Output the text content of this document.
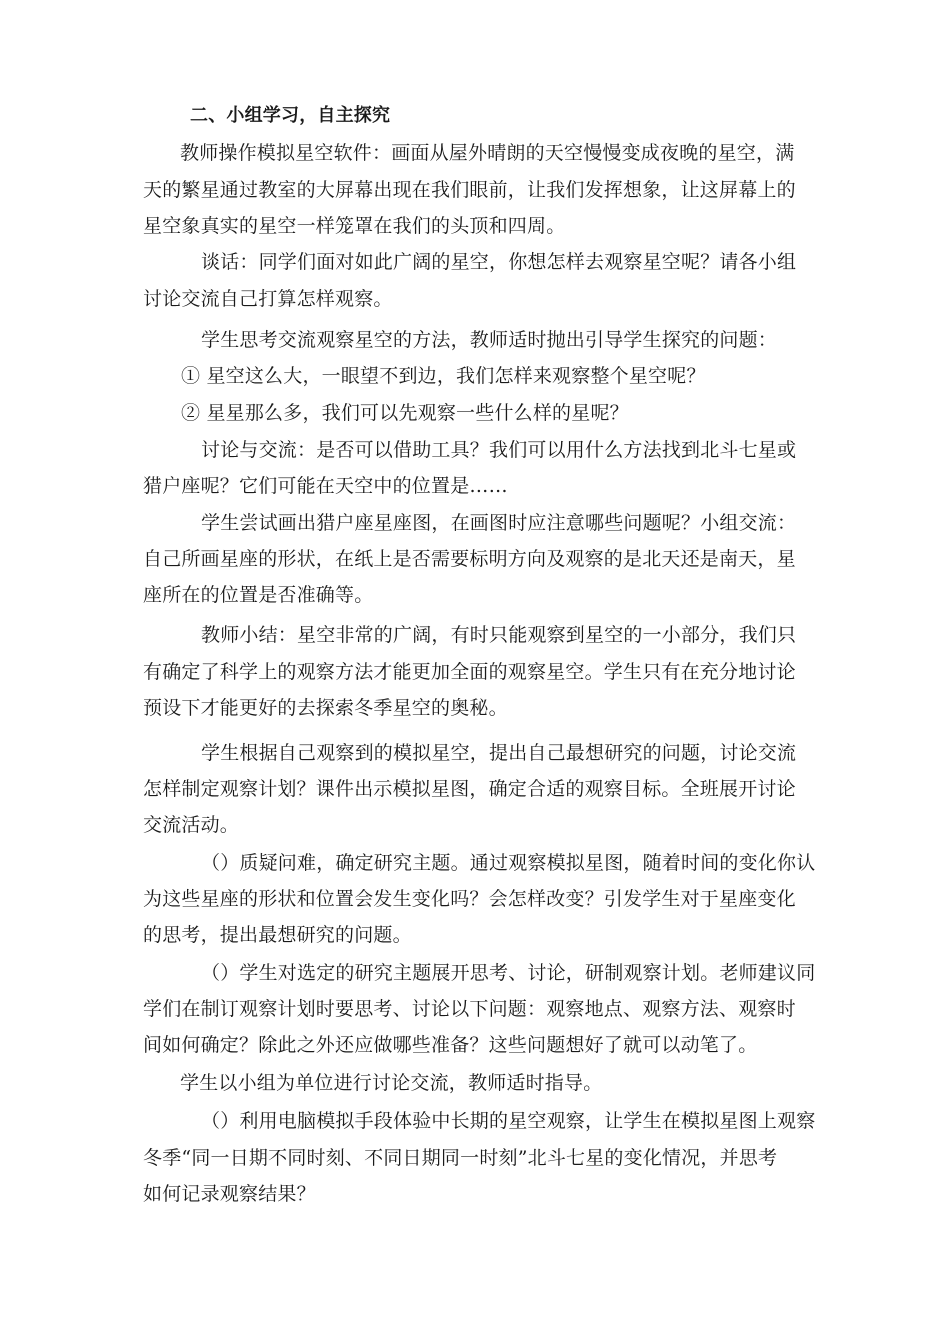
二、小组学习，自主探究
教师操作模拟星空软件：画面从屋外晴朗的天空慢慢变成夜晚的星空，满
天的繁星通过教室的大屏幕出现在我们眼前，让我们发挥想象，让这屏幕上的
星空象真实的星空一样笼罩在我们的头顶和四周。
谈话：同学们面对如此广阔的星空，你想怎样去观察星空呢？请各小组
讨论交流自己打算怎样观察。
学生思考交流观察星空的方法，教师适时抛出引导学生探究的问题：
① 星空这么大，一眼望不到边，我们怎样来观察整个星空呢？
② 星星那么多，我们可以先观察一些什么样的星呢？
讨论与交流：是否可以借助工具？我们可以用什么方法找到北斗七星或
猎户座呢？它们可能在天空中的位置是……
学生尝试画出猎户座星座图，在画图时应注意哪些问题呢？小组交流：
自己所画星座的形状，在纸上是否需要标明方向及观察的是北天还是南天，星
座所在的位置是否准确等。
教师小结：星空非常的广阔，有时只能观察到星空的一小部分，我们只
有确定了科学上的观察方法才能更加全面的观察星空。学生只有在充分地讨论
预设下才能更好的去探索冬季星空的奥秘。
学生根据自己观察到的模拟星空，提出自己最想研究的问题，讨论交流
怎样制定观察计划？课件出示模拟星图，确定合适的观察目标。全班展开讨论
交流活动。
（）质疑问难，确定研究主题。通过观察模拟星图，随着时间的变化你认
为这些星座的形状和位置会发生变化吗？会怎样改变？引发学生对于星座变化
的思考，提出最想研究的问题。
（）学生对选定的研究主题展开思考、讨论，研制观察计划。老师建议同
学们在制订观察计划时要思考、讨论以下问题：观察地点、观察方法、观察时
间如何确定？除此之外还应做哪些准备？这些问题想好了就可以动笔了。
学生以小组为单位进行讨论交流，教师适时指导。
（）利用电脑模拟手段体验中长期的星空观察，让学生在模拟星图上观察
冬季“同一日期不同时刻、不同日期同一时刻”北斗七星的变化情况，并思考
如何记录观察结果？
